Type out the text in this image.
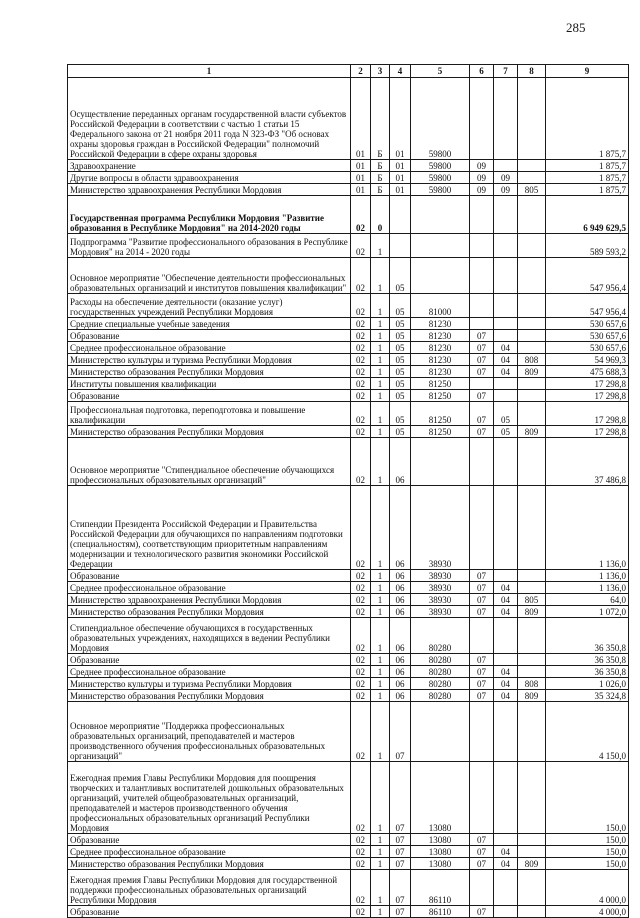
285
1	2	3	4	5	6	7	8	9
Осуществление переданных органам государственной власти субъектов Российской Федерации в соответствии с частью 1 статьи 15 Федерального закона от 21 ноября 2011 года N 323-ФЗ "Об основах охраны здоровья граждан в Российской Федерации" полномочий Российской Федерации в сфере охраны здоровья	01	Б	01	59800				1 875,7
Здравоохранение	01	Б	01	59800	09			1 875,7
Другие вопросы в области здравоохранения	01	Б	01	59800	09	09		1 875,7
Министерство здравоохранения Республики Мордовия	01	Б	01	59800	09	09	805	1 875,7
Государственная программа Республики Мордовия "Развитие образования в Республике Мордовия" на 2014-2020 годы	02	0						6 949 629,5
Подпрограмма "Развитие профессионального образования в Республике Мордовия" на 2014 - 2020 годы	02	1						589 593,2
Основное мероприятие "Обеспечение деятельности профессиональных образовательных организаций и институтов повышения квалификации"	02	1	05					547 956,4
Расходы на обеспечение деятельности (оказание услуг) государственных учреждений Республики Мордовия	02	1	05	81000				547 956,4
Средние специальные учебные заведения	02	1	05	81230				530 657,6
Образование	02	1	05	81230	07			530 657,6
Среднее профессиональное образование	02	1	05	81230	07	04		530 657,6
Министерство культуры и туризма Республики Мордовия	02	1	05	81230	07	04	808	54 969,3
Министерство образования Республики Мордовия	02	1	05	81230	07	04	809	475 688,3
Институты повышения квалификации	02	1	05	81250				17 298,8
Образование	02	1	05	81250	07			17 298,8
Профессиональная подготовка, переподготовка и повышение квалификации	02	1	05	81250	07	05		17 298,8
Министерство образования Республики Мордовия	02	1	05	81250	07	05	809	17 298,8
Основное мероприятие "Стипендиальное обеспечение обучающихся профессиональных образовательных организаций"	02	1	06					37 486,8
Стипендии Президента Российской Федерации и Правительства Российской Федерации для обучающихся по направлениям подготовки (специальностям), соответствующим приоритетным направлениям модернизации и технологического развития экономики Российской Федерации	02	1	06	38930				1 136,0
Образование	02	1	06	38930	07			1 136,0
Среднее профессиональное образование	02	1	06	38930	07	04		1 136,0
Министерство здравоохранения Республики Мордовия	02	1	06	38930	07	04	805	64,0
Министерство образования Республики Мордовия	02	1	06	38930	07	04	809	1 072,0
Стипендиальное обеспечение обучающихся в государственных образовательных учреждениях, находящихся в ведении Республики Мордовия	02	1	06	80280				36 350,8
Образование	02	1	06	80280	07			36 350,8
Среднее профессиональное образование	02	1	06	80280	07	04		36 350,8
Министерство культуры и туризма Республики Мордовия	02	1	06	80280	07	04	808	1 026,0
Министерство образования Республики Мордовия	02	1	06	80280	07	04	809	35 324,8
Основное мероприятие "Поддержка профессиональных образовательных организаций, преподавателей и мастеров производственного обучения профессиональных образовательных организаций"	02	1	07					4 150,0
Ежегодная премия Главы Республики Мордовия для поощрения творческих и талантливых воспитателей дошкольных образовательных организаций, учителей общеобразовательных организаций, преподавателей и мастеров производственного обучения профессиональных образовательных организаций Республики Мордовия	02	1	07	13080				150,0
Образование	02	1	07	13080	07			150,0
Среднее профессиональное образование	02	1	07	13080	07	04		150,0
Министерство образования Республики Мордовия	02	1	07	13080	07	04	809	150,0
Ежегодная премия Главы Республики Мордовия для государственной поддержки профессиональных образовательных организаций Республики Мордовия	02	1	07	86110				4 000,0
Образование	02	1	07	86110	07			4 000,0
